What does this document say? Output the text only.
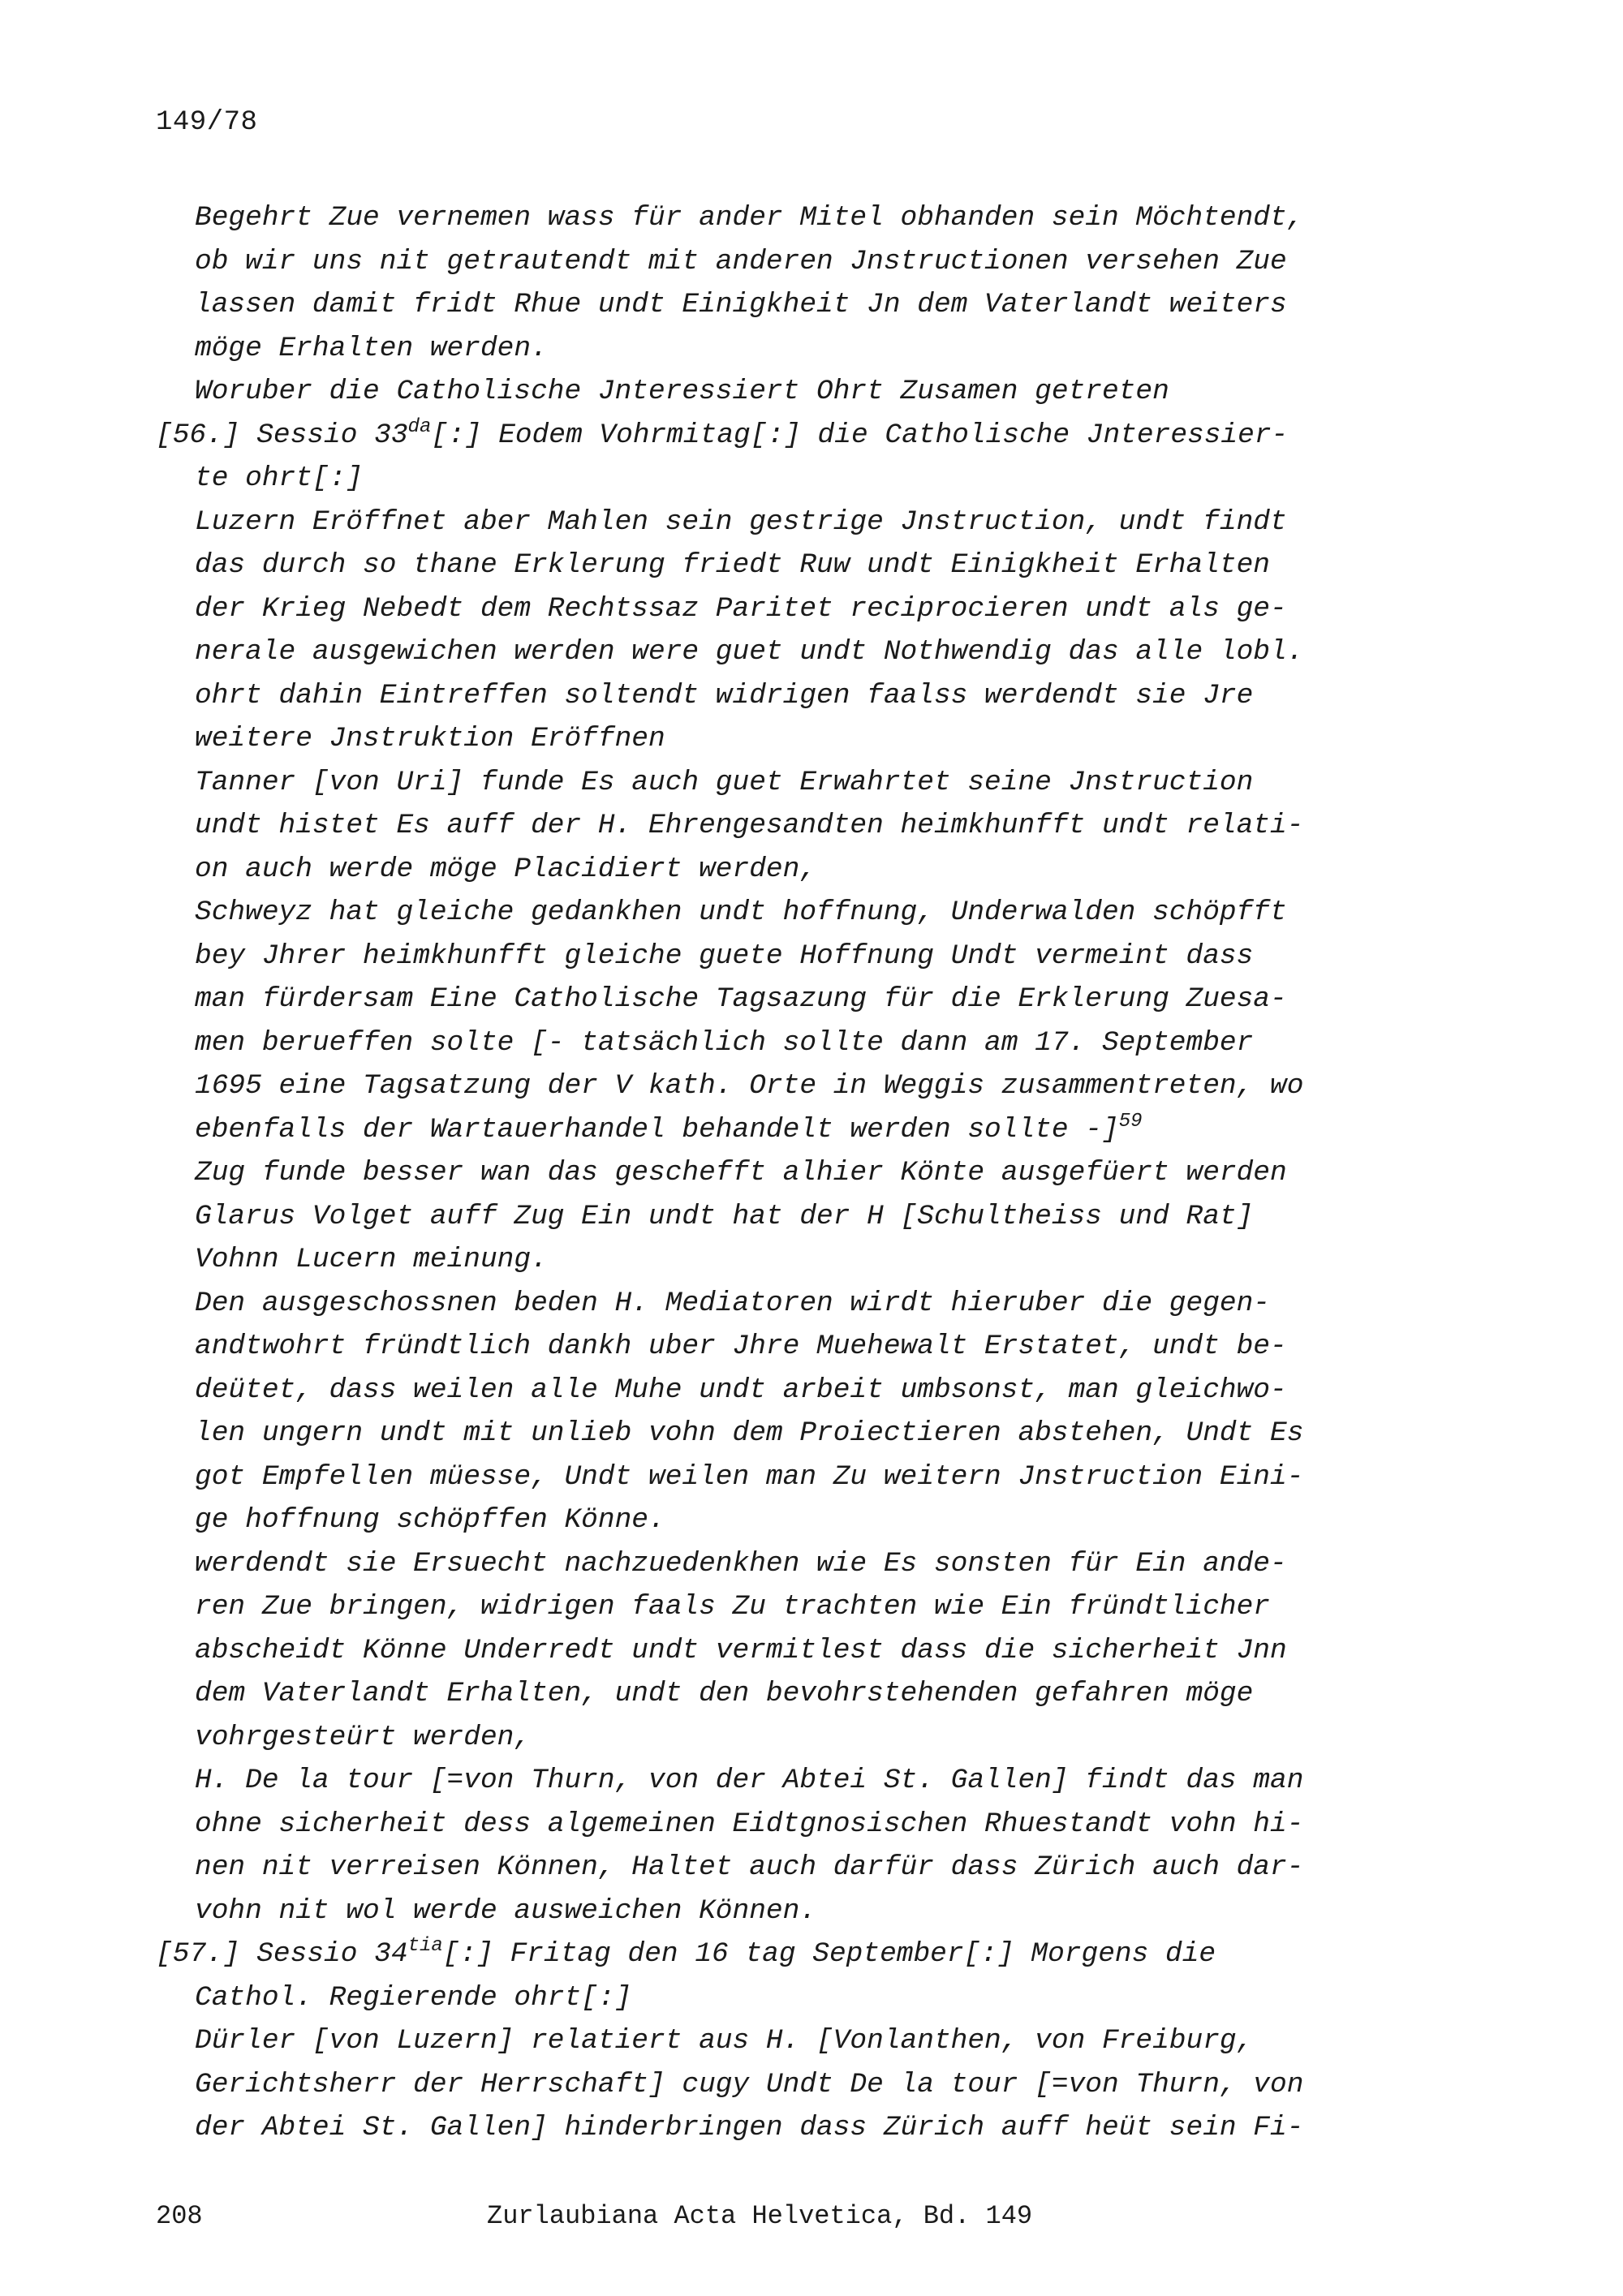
149/78
Begehrt Zue vernemen wass für ander Mitel obhanden sein Möchtendt,
ob wir uns nit getrautendt mit anderen Jnstructionen versehen Zue
lassen damit fridt Rhue undt Einigkheit Jn dem Vaterlandt weiters
möge Erhalten werden.
Woruber die Catholische Jnteressiert Ohrt Zusamen getreten
[56.] Sessio $33^{da}[:]$ Eodem Vohrmitag[:] die Catholische Jnteressier-
te ohrt[:]
Luzern Eröffnet aber Mahlen sein gestrige Jnstruction, undt findt
das durch so thane Erklerung friedt Ruw undt Einigkheit Erhalten
der Krieg Nebedt dem Rechtssaz Paritet reciprocieren undt als ge-
nerale ausgewichen werden were guet undt Nothwendig das alle lobl.
ohrt dahin Eintreffen soltendt widrigen faalss werdendt sie Jre
weitere Jnstruktion Eröffnen
Tanner [von Uri] funde Es auch guet Erwahrtet seine Jnstruction
undt histet Es auff der H. Ehrengesandten heimkhunfft undt relati-
on auch werde möge Placidiert werden,
Schweyz hat gleiche gedankhen undt hoffnung, Underwalden schöpfft
bey Jhrer heimkhunfft gleiche guete Hoffnung Undt vermeint dass
man fürdersam Eine Catholische Tagsazung für die Erklerung Zuesa-
men berueffen solte [- tatsächlich sollte dann am 17. September
1695 eine Tagsatzung der V kath. Orte in Weggis zusammentreten, wo
ebenfalls der Wartauerhandel behandelt werden sollte -]$^{59}$
Zug funde besser wan das geschefft alhier Könte ausgefüert werden
Glarus Volget auff Zug Ein undt hat der H [Schultheiss und Rat]
Vohnn Lucern meinung.
Den ausgeschossnen beden H. Mediatoren wirdt hieruber die gegen-
andtwohrt fründtlich dankh uber Jhre Muehewalt Erstatet, undt be-
deütet, dass weilen alle Muhe undt arbeit umbsonst, man gleichwo-
len ungern undt mit unlieb vohn dem Proiectieren abstehen, Undt Es
got Empfellen müesse, Undt weilen man Zu weitern Jnstruction Eini-
ge hoffnung schöpffen Könne.
werdendt sie Ersuecht nachzuedenkhen wie Es sonsten für Ein ande-
ren Zue bringen, widrigen faals Zu trachten wie Ein fründtlicher
abscheidt Könne Underredt undt vermitlest dass die sicherheit Jnn
dem Vaterlandt Erhalten, undt den bevohrstehenden gefahren möge
vohrgesteürt werden,
H. De la tour [=von Thurn, von der Abtei St. Gallen] findt das man
ohne sicherheit dess algemeinen Eidtgnosischen Rhuestandt vohn hi-
nen nit verreisen Können, Haltet auch darfür dass Zürich auch dar-
vohn nit wol werde ausweichen Können.
[57.] Sessio $34^{tia}[:]$ Fritag den 16 tag September[:] Morgens die
Cathol. Regierende ohrt[:]
Dürler [von Luzern] relatiert aus H. [Vonlanthen, von Freiburg,
Gerichtsherr der Herrschaft] cugy Undt De la tour [=von Thurn, von
der Abtei St. Gallen] hinderbringen dass Zürich auff heüt sein Fi-
208	Zurlaubiana Acta Helvetica, Bd. 149
